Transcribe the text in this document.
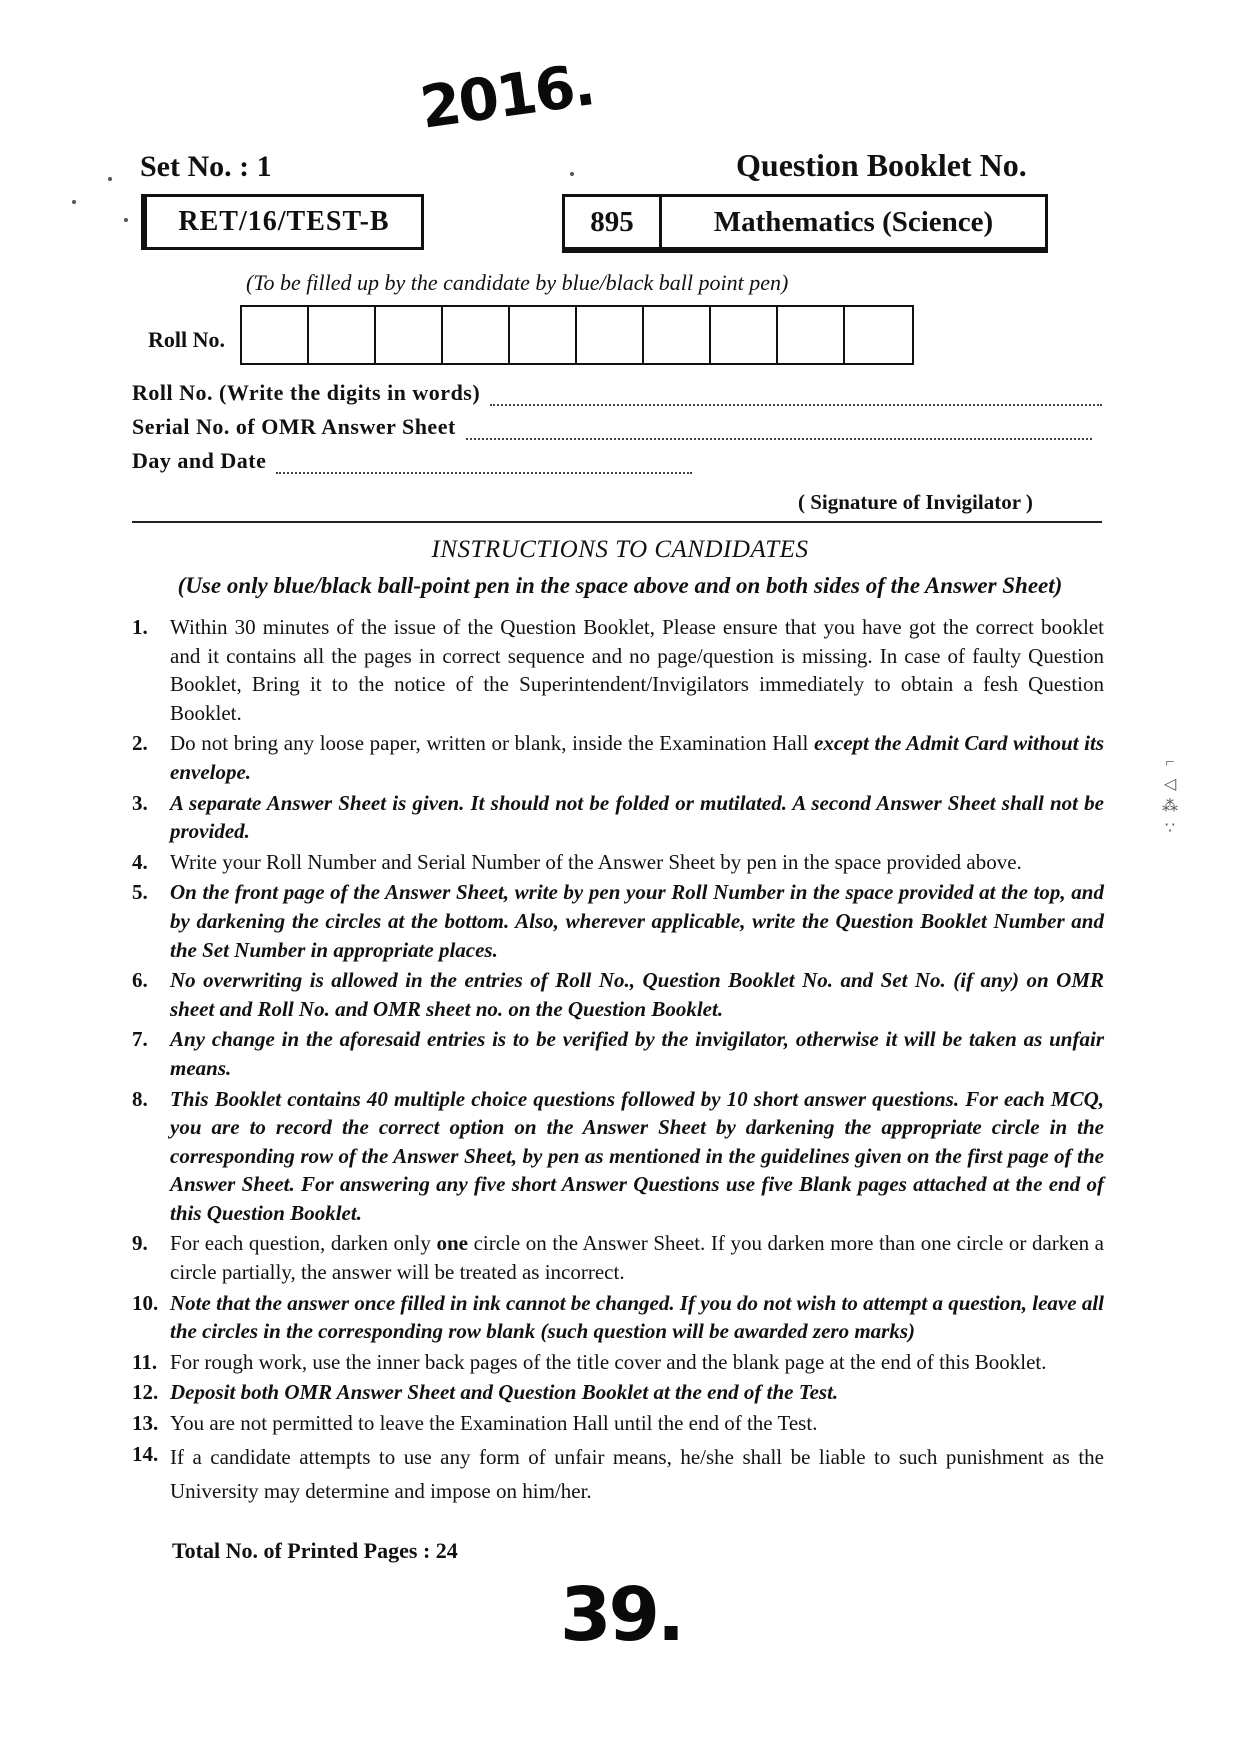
2016.
Set No. : 1	Question Booklet No.
RET/16/TEST-B	895	Mathematics (Science)
(To be filled up by the candidate by blue/black ball point pen)
Roll No.
Roll No. (Write the digits in words)
Serial No. of OMR Answer Sheet
Day and Date
( Signature of Invigilator )
INSTRUCTIONS TO CANDIDATES
(Use only blue/black ball-point pen in the space above and on both sides of the Answer Sheet)
1.	Within 30 minutes of the issue of the Question Booklet, Please ensure that you have got the correct booklet and it contains all the pages in correct sequence and no page/question is missing. In case of faulty Question Booklet, Bring it to the notice of the Superintendent/Invigilators immediately to obtain a fesh Question Booklet.
2.	Do not bring any loose paper, written or blank, inside the Examination Hall except the Admit Card without its envelope.
3.	A separate Answer Sheet is given. It should not be folded or mutilated. A second Answer Sheet shall not be provided.
4.	Write your Roll Number and Serial Number of the Answer Sheet by pen in the space provided above.
5.	On the front page of the Answer Sheet, write by pen your Roll Number in the space provided at the top, and by darkening the circles at the bottom. Also, wherever applicable, write the Question Booklet Number and the Set Number in appropriate places.
6.	No overwriting is allowed in the entries of Roll No., Question Booklet No. and Set No. (if any) on OMR sheet and Roll No. and OMR sheet no. on the Question Booklet.
7.	Any change in the aforesaid entries is to be verified by the invigilator, otherwise it will be taken as unfair means.
8.	This Booklet contains 40 multiple choice questions followed by 10 short answer questions. For each MCQ, you are to record the correct option on the Answer Sheet by darkening the appropriate circle in the corresponding row of the Answer Sheet, by pen as mentioned in the guidelines given on the first page of the Answer Sheet. For answering any five short Answer Questions use five Blank pages attached at the end of this Question Booklet.
9.	For each question, darken only one circle on the Answer Sheet. If you darken more than one circle or darken a circle partially, the answer will be treated as incorrect.
10. Note that the answer once filled in ink cannot be changed. If you do not wish to attempt a question, leave all the circles in the corresponding row blank (such question will be awarded zero marks)
11. For rough work, use the inner back pages of the title cover and the blank page at the end of this Booklet.
12. Deposit both OMR Answer Sheet and Question Booklet at the end of the Test.
13. You are not permitted to leave the Examination Hall until the end of the Test.
14. If a candidate attempts to use any form of unfair means, he/she shall be liable to such punishment as the University may determine and impose on him/her.
Total No. of Printed Pages : 24
39.
⌐
◁
⁂
∵
